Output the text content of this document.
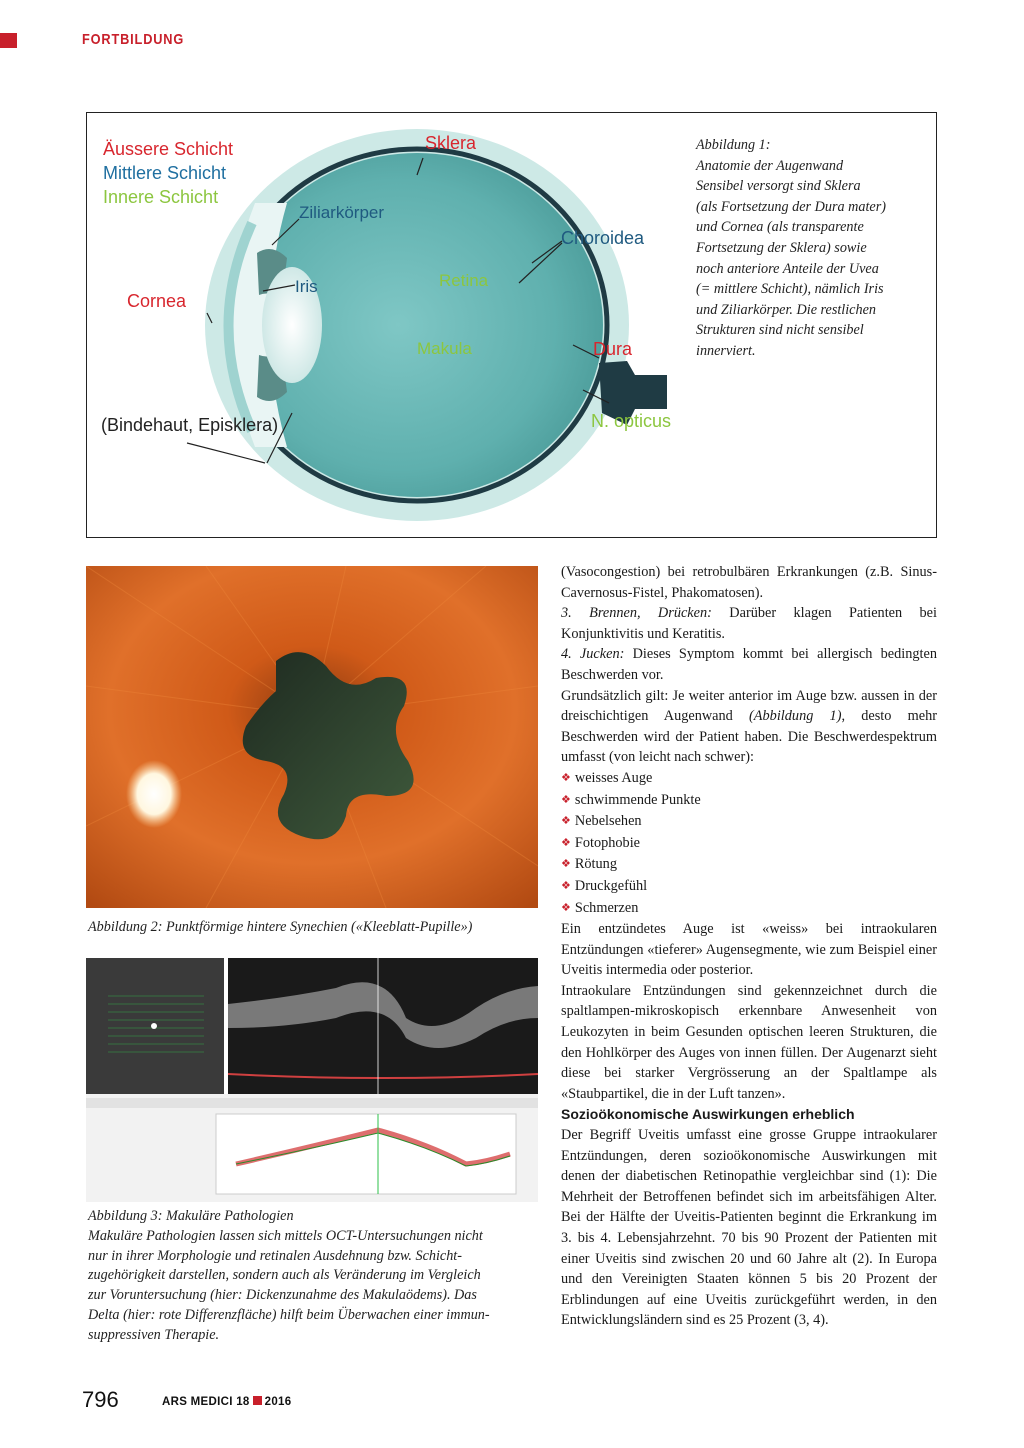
FORTBILDUNG
Äussere Schicht
Mittlere Schicht
Innere Schicht
Sklera
Ziliarkörper
Choroidea
Retina
Iris
Cornea
Makula	Dura
(Bindehaut, Episklera)	N. opticus
Abbildung 1:
Anatomie der Augenwand
Sensibel versorgt sind Sklera
(als Fortsetzung der Dura mater)
und Cornea (als transparente
Fortsetzung der Sklera) sowie
noch anteriore Anteile der Uvea
(= mittlere Schicht), nämlich Iris
und Ziliarkörper. Die restlichen
Strukturen sind nicht sensibel
innerviert.
Abbildung 2: Punktförmige hintere Synechien («Kleeblatt-Pupille»)
Abbildung 3: Makuläre Pathologien
Makuläre Pathologien lassen sich mittels OCT-Untersuchungen nicht
nur in ihrer Morphologie und retinalen Ausdehnung bzw. Schicht-
zugehörigkeit darstellen, sondern auch als Veränderung im Vergleich
zur Voruntersuchung (hier: Dickenzunahme des Makulaödems). Das
Delta (hier: rote Differenzfläche) hilft beim Überwachen einer immun-
suppressiven Therapie.

(Vasocongestion) bei retrobulbären Erkrankungen (z.B. Sinus-Cavernosus-Fistel, Phakomatosen).

3. Brennen, Drücken: Darüber klagen Patienten bei Konjunktivitis und Keratitis.

4. Jucken: Dieses Symptom kommt bei allergisch bedingten Beschwerden vor.

Grundsätzlich gilt: Je weiter anterior im Auge bzw. aussen in der dreischichtigen Augenwand (Abbildung 1), desto mehr Beschwerden wird der Patient haben. Die Beschwerdespektrum umfasst (von leicht nach schwer):

❖ weisses Auge
❖ schwimmende Punkte
❖ Nebelsehen
❖ Fotophobie
❖ Rötung
❖ Druckgefühl
❖ Schmerzen

Ein entzündetes Auge ist «weiss» bei intraokularen Entzündungen «tieferer» Augensegmente, wie zum Beispiel einer Uveitis intermedia oder posterior.

Intraokulare Entzündungen sind gekennzeichnet durch die spaltlampen-mikroskopisch erkennbare Anwesenheit von Leukozyten in beim Gesunden optischen leeren Strukturen, die den Hohlkörper des Auges von innen füllen. Der Augenarzt sieht diese bei starker Vergrösserung an der Spaltlampe als «Staubpartikel, die in der Luft tanzen».

Sozioökonomische Auswirkungen erheblich

Der Begriff Uveitis umfasst eine grosse Gruppe intraokularer Entzündungen, deren sozioökonomische Auswirkungen mit denen der diabetischen Retinopathie vergleichbar sind (1): Die Mehrheit der Betroffenen befindet sich im arbeitsfähigen Alter. Bei der Hälfte der Uveitis-Patienten beginnt die Erkrankung im 3. bis 4. Lebensjahrzehnt. 70 bis 90 Prozent der Patienten mit einer Uveitis sind zwischen 20 und 60 Jahre alt (2). In Europa und den Vereinigten Staaten können 5 bis 20 Prozent der Erblindungen auf eine Uveitis zurückgeführt werden, in den Entwicklungsländern sind es 25 Prozent (3, 4).

796	ARS MEDICI 18 2016
